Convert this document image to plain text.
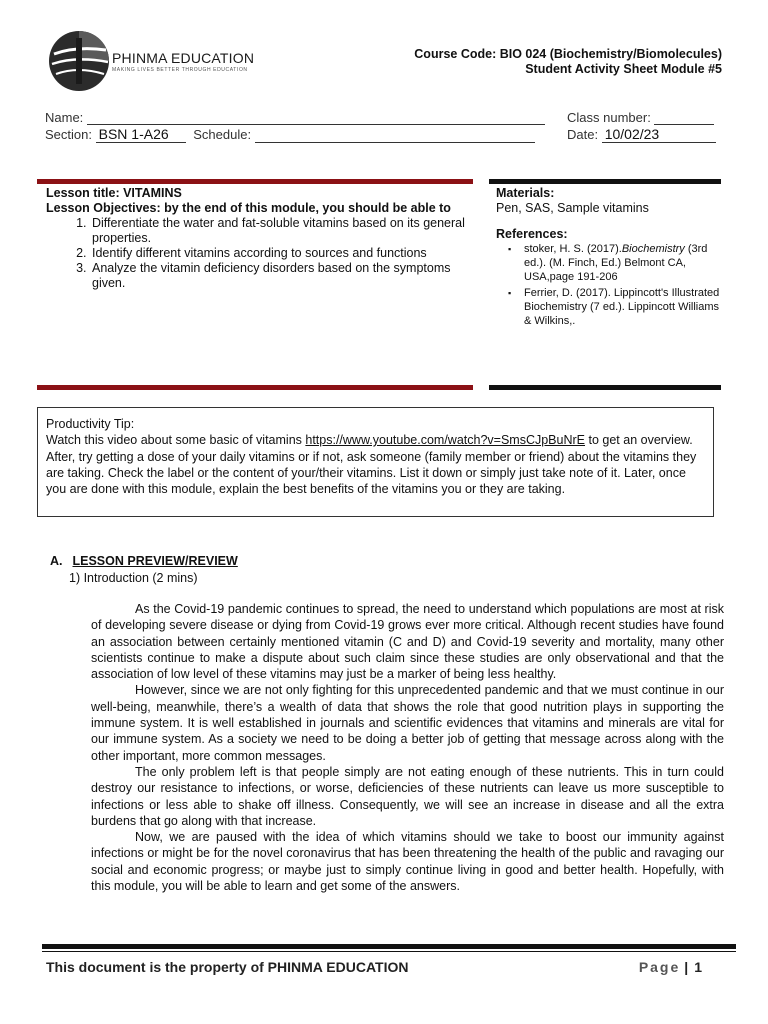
PHINMA EDUCATION
MAKING LIVES BETTER THROUGH EDUCATION
Course Code: BIO 024 (Biochemistry/Biomolecules)
Student Activity Sheet Module #5
Name:	Class number:
Section: BSN 1-A26 Schedule:	Date: 10/02/23
Lesson title: VITAMINS
Lesson Objectives: by the end of this module, you should be able to
1. Differentiate the water and fat-soluble vitamins based on its general properties.
2. Identify different vitamins according to sources and functions
3. Analyze the vitamin deficiency disorders based on the symptoms given.
Materials:
Pen, SAS, Sample vitamins
References:
▪ stoker, H. S. (2017).Biochemistry (3rd ed.). (M. Finch, Ed.) Belmont CA, USA,page 191-206
▪ Ferrier, D. (2017). Lippincott's Illustrated Biochemistry (7 ed.). Lippincott Williams & Wilkins,.
Productivity Tip:
Watch this video about some basic of vitamins https://www.youtube.com/watch?v=SmsCJpBuNrE to get an overview. After, try getting a dose of your daily vitamins or if not, ask someone (family member or friend) about the vitamins they are taking. Check the label or the content of your/their vitamins. List it down or simply just take note of it. Later, once you are done with this module, explain the best benefits of the vitamins you or they are taking.
A. LESSON PREVIEW/REVIEW
1) Introduction (2 mins)

As the Covid-19 pandemic continues to spread, the need to understand which populations are most at risk of developing severe disease or dying from Covid-19 grows ever more critical. Although recent studies have found an association between certainly mentioned vitamin (C and D) and Covid-19 severity and mortality, many other scientists continue to make a dispute about such claim since these studies are only observational and that the association of low level of these vitamins may just be a marker of being less healthy.

However, since we are not only fighting for this unprecedented pandemic and that we must continue in our well-being, meanwhile, there’s a wealth of data that shows the role that good nutrition plays in supporting the immune system. It is well established in journals and scientific evidences that vitamins and minerals are vital for our immune system. As a society we need to be doing a better job of getting that message across along with the other important, more common messages.

The only problem left is that people simply are not eating enough of these nutrients. This in turn could destroy our resistance to infections, or worse, deficiencies of these nutrients can leave us more susceptible to infections or less able to shake off illness. Consequently, we will see an increase in disease and all the extra burdens that go along with that increase.

Now, we are paused with the idea of which vitamins should we take to boost our immunity against infections or might be for the novel coronavirus that has been threatening the health of the public and ravaging our social and economic progress; or maybe just to simply continue living in good and better health. Hopefully, with this module, you will be able to learn and get some of the answers.

This document is the property of PHINMA EDUCATION	Page | 1
